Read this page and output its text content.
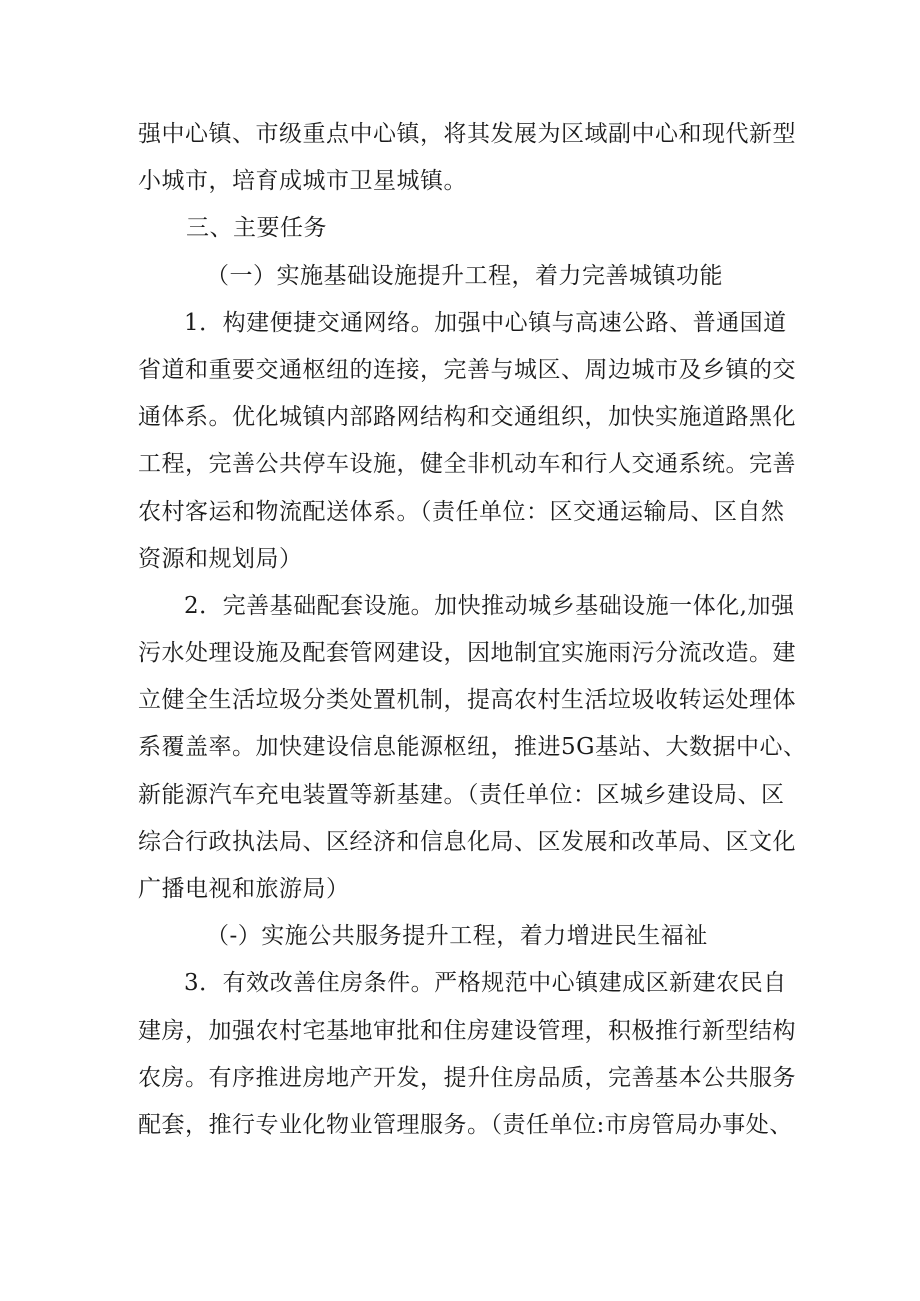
强中心镇、市级重点中心镇，将其发展为区域副中心和现代新型
小城市，培育成城市卫星城镇。
三、主要任务
（一）实施基础设施提升工程，着力完善城镇功能
1．构建便捷交通网络。加强中心镇与高速公路、普通国道
省道和重要交通枢纽的连接，完善与城区、周边城市及乡镇的交
通体系。优化城镇内部路网结构和交通组织，加快实施道路黑化
工程，完善公共停车设施，健全非机动车和行人交通系统。完善
农村客运和物流配送体系。（责任单位：区交通运输局、区自然
资源和规划局）
2．完善基础配套设施。加快推动城乡基础设施一体化,加强
污水处理设施及配套管网建设，因地制宜实施雨污分流改造。建
立健全生活垃圾分类处置机制，提高农村生活垃圾收转运处理体
系覆盖率。加快建设信息能源枢纽，推进5G基站、大数据中心、
新能源汽车充电装置等新基建。（责任单位：区城乡建设局、区
综合行政执法局、区经济和信息化局、区发展和改革局、区文化
广播电视和旅游局）
（-）实施公共服务提升工程，着力增进民生福祉
3．有效改善住房条件。严格规范中心镇建成区新建农民自
建房，加强农村宅基地审批和住房建设管理，积极推行新型结构
农房。有序推进房地产开发，提升住房品质，完善基本公共服务
配套，推行专业化物业管理服务。（责任单位:市房管局办事处、
